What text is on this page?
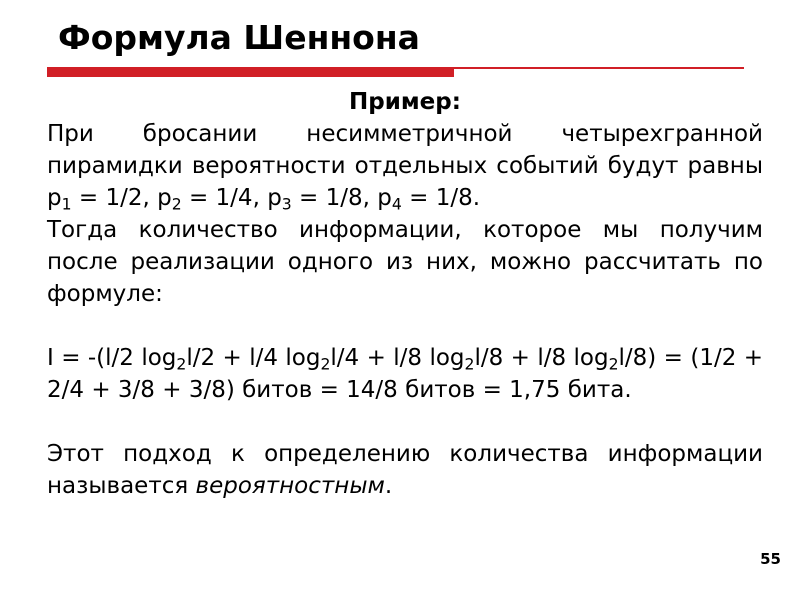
Формула Шеннона

Пример:

При бросании несимметричной четырехгранной пирамидки вероятности отдельных событий будут равны $p_1 = 1/2$, $p_2 = 1/4$, $p_3 = 1/8$, $p_4 = 1/8$.

Тогда количество информации, которое мы получим после реализации одного из них, можно рассчитать по формуле:

I = -(l/2 $\log_2l/2 + l/4$ $\log_2l/4 + l/8$ $\log_2l/8 + l/8$ $\log_2l/8) = (1/2 + 2/4 + 3/8 + 3/8)$ битов = 14/8 битов = 1,75 бита.

Этот подход к определению количества информации называется вероятностным.

55
